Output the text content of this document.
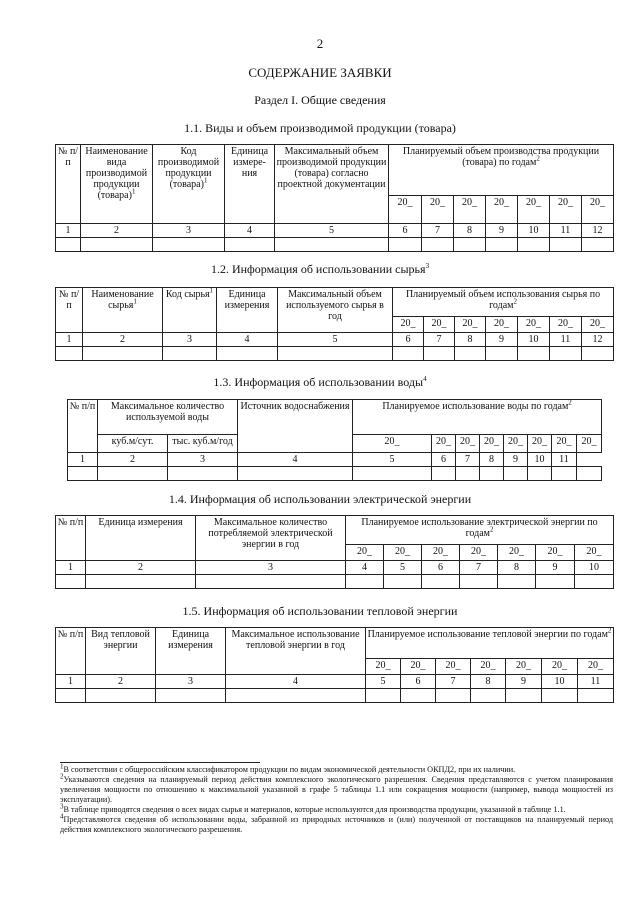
2
СОДЕРЖАНИЕ ЗАЯВКИ
Раздел I. Общие сведения
1.1. Виды и объем производимой продукции (товара)
№ п/п	Наименование вида производимой продукции (товара)$^1$	Код производимой продукции (товара)$^1$	Единица измере-ния	Максимальный объем производимой продукции (товара) согласно проектной документации	Планируемый объем производства продукции (товара) по годам$^2$
					20_	20_	20_	20_	20_	20_	20_
1	2	3	4	5	6	7	8	9	10	11	12

1.2. Информация об использовании сырья$^3$
№ п/п	Наименование сырья$^1$	Код сырья$^1$	Единица измерения	Максимальный объем используемого сырья в год	Планируемый объем использования сырья по годам$^2$
					20_	20_	20_	20_	20_	20_	20_
1	2	3	4	5	6	7	8	9	10	11	12

1.3. Информация об использовании воды$^4$
№ п/п	Максимальное количество используемой воды		Источник водоснабжения	Планируемое использование воды по годам$^2$
	куб.м/сут.	тыс. куб.м/год		20_	20_	20_	20_	20_	20_	20_	20_
1	2	3	4	5	6	7	8	9	10	11	

1.4. Информация об использовании электрической энергии
№ п/п	Единица измерения	Максимальное количество потребляемой электрической энергии в год	Планируемое использование электрической энергии по годам$^2$
			20_	20_	20_	20_	20_	20_	20_
1	2	3	4	5	6	7	8	9	10

1.5. Информация об использовании тепловой энергии
№ п/п	Вид тепловой энергии	Единица измерения	Максимальное использование тепловой энергии в год	Планируемое использование тепловой энергии по годам$^2$
				20_	20_	20_	20_	20_	20_	20_
1	2	3	4	5	6	7	8	9	10	11

$^1$В соответствии с общероссийским классификатором продукции по видам экономической деятельности ОКПД2, при их наличии.

$^2$Указываются сведения на планируемый период действия комплексного экологического разрешения. Сведения представляются с учетом планирования увеличения мощности по отношению к максимальной указанной в графе 5 таблицы 1.1 или сокращения мощности (например, вывода мощностей из эксплуатации).

$^3$В таблице приводятся сведения о всех видах сырья и материалов, которые используются для производства продукции, указанной в таблице 1.1.

$^4$Представляются сведения об использовании воды, забранной из природных источников и (или) полученной от поставщиков на планируемый период действия комплексного экологического разрешения.
